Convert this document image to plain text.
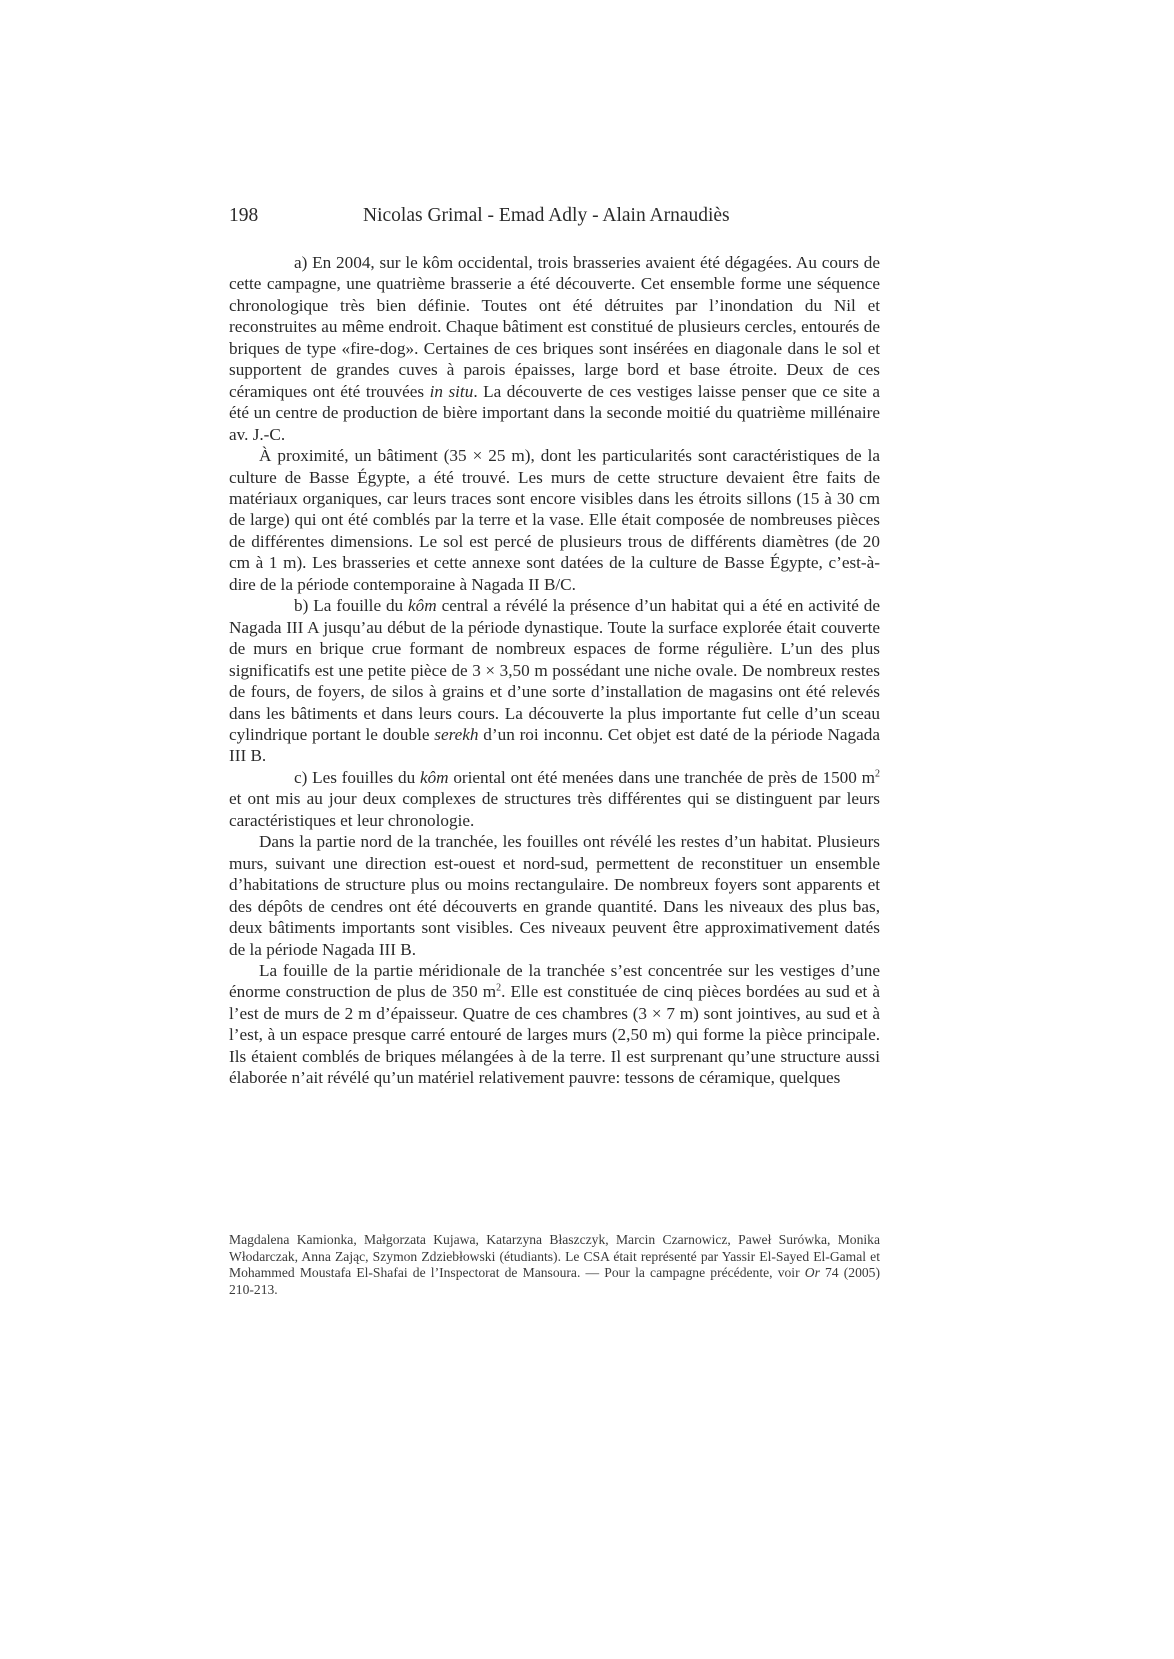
198	Nicolas Grimal - Emad Adly - Alain Arnaudiès

a) En 2004, sur le kôm occidental, trois brasseries avaient été dégagées. Au cours de cette campagne, une quatrième brasserie a été découverte. Cet ensemble forme une séquence chronologique très bien définie. Toutes ont été détruites par l’inondation du Nil et reconstruites au même endroit. Chaque bâtiment est constitué de plusieurs cercles, entourés de briques de type «fire-dog». Certaines de ces briques sont insérées en diagonale dans le sol et supportent de grandes cuves à parois épaisses, large bord et base étroite. Deux de ces céramiques ont été trouvées in situ. La découverte de ces vestiges laisse penser que ce site a été un centre de production de bière important dans la seconde moitié du quatrième millénaire av. J.-C.

À proximité, un bâtiment (35 × 25 m), dont les particularités sont caractéristiques de la culture de Basse Égypte, a été trouvé. Les murs de cette structure devaient être faits de matériaux organiques, car leurs traces sont encore visibles dans les étroits sillons (15 à 30 cm de large) qui ont été comblés par la terre et la vase. Elle était composée de nombreuses pièces de différentes dimensions. Le sol est percé de plusieurs trous de différents diamètres (de 20 cm à 1 m). Les brasseries et cette annexe sont datées de la culture de Basse Égypte, c’est-à-dire de la période contemporaine à Nagada II B/C.

b) La fouille du kôm central a révélé la présence d’un habitat qui a été en activité de Nagada III A jusqu’au début de la période dynastique. Toute la surface explorée était couverte de murs en brique crue formant de nombreux espaces de forme régulière. L’un des plus significatifs est une petite pièce de 3 × 3,50 m possédant une niche ovale. De nombreux restes de fours, de foyers, de silos à grains et d’une sorte d’installation de magasins ont été relevés dans les bâtiments et dans leurs cours. La découverte la plus importante fut celle d’un sceau cylindrique portant le double serekh d’un roi inconnu. Cet objet est daté de la période Nagada III B.

c) Les fouilles du kôm oriental ont été menées dans une tranchée de près de 1500 $m^2$ et ont mis au jour deux complexes de structures très différentes qui se distinguent par leurs caractéristiques et leur chronologie.

Dans la partie nord de la tranchée, les fouilles ont révélé les restes d’un habitat. Plusieurs murs, suivant une direction est-ouest et nord-sud, permettent de reconstituer un ensemble d’habitations de structure plus ou moins rectangulaire. De nombreux foyers sont apparents et des dépôts de cendres ont été découverts en grande quantité. Dans les niveaux des plus bas, deux bâtiments importants sont visibles. Ces niveaux peuvent être approximativement datés de la période Nagada III B.

La fouille de la partie méridionale de la tranchée s’est concentrée sur les vestiges d’une énorme construction de plus de 350 $m^2$. Elle est constituée de cinq pièces bordées au sud et à l’est de murs de 2 m d’épaisseur. Quatre de ces chambres (3 × 7 m) sont jointives, au sud et à l’est, à un espace presque carré entouré de larges murs (2,50 m) qui forme la pièce principale. Ils étaient comblés de briques mélangées à de la terre. Il est surprenant qu’une structure aussi élaborée n’ait révélé qu’un matériel relativement pauvre: tessons de céramique, quelques

Magdalena Kamionka, Małgorzata Kujawa, Katarzyna Błaszczyk, Marcin Czarnowicz, Paweł Surówka, Monika Włodarczak, Anna Zając, Szymon Zdziebłowski (étudiants). Le CSA était représenté par Yassir El-Sayed El-Gamal et Mohammed Moustafa El-Shafai de l’Inspectorat de Mansoura. — Pour la campagne précédente, voir Or 74 (2005) 210-213.
